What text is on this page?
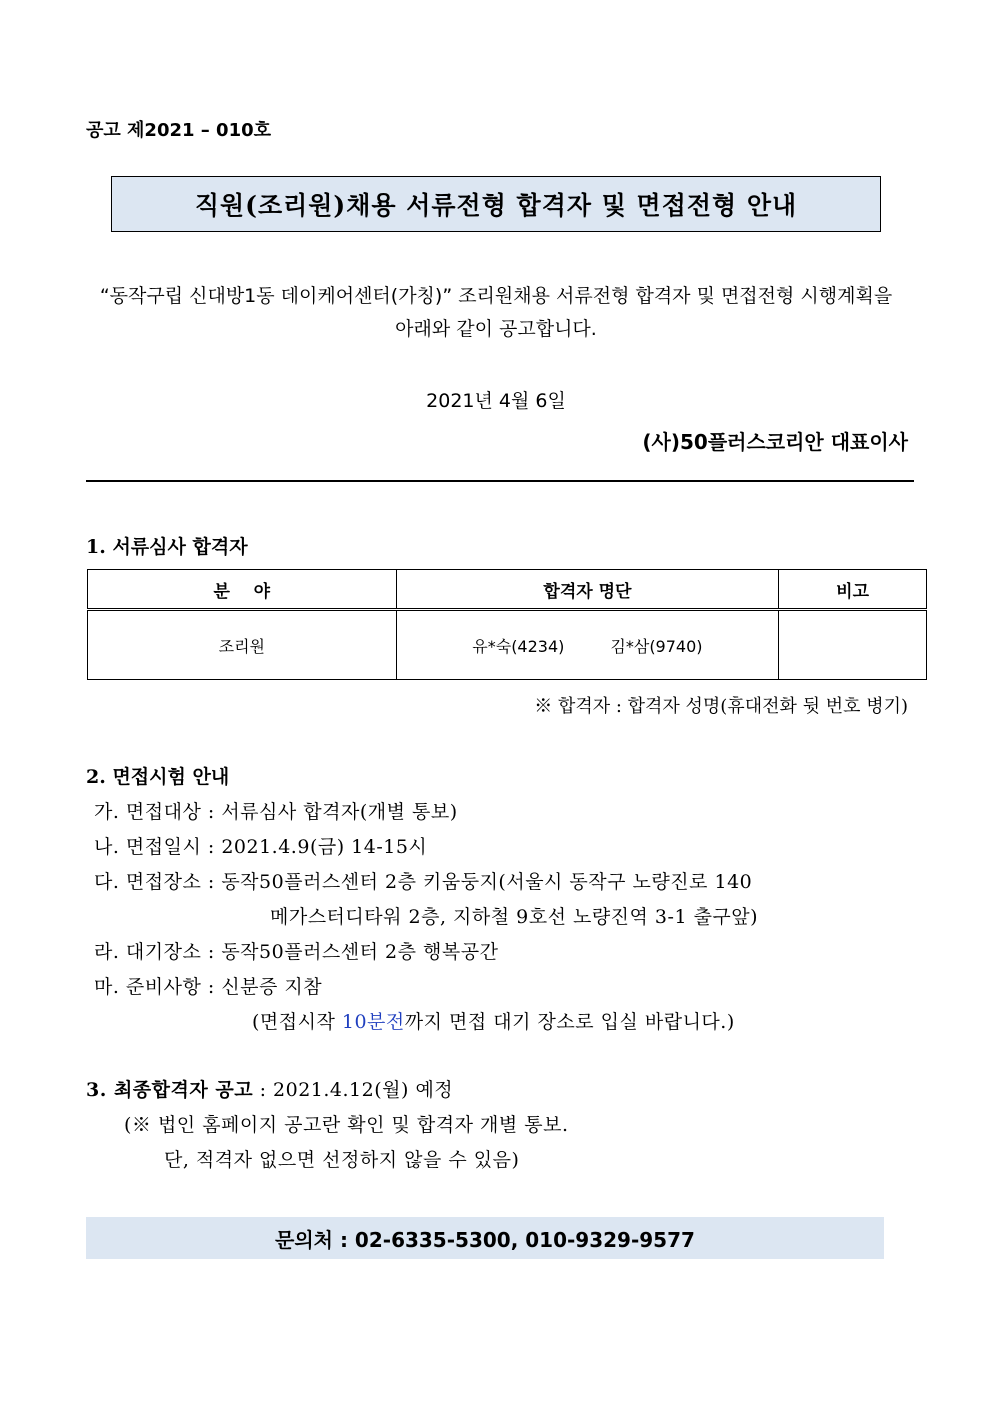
공고 제2021 – 010호
직원(조리원)채용 서류전형 합격자 및 면접전형 안내
“동작구립 신대방1동 데이케어센터(가칭)” 조리원채용 서류전형 합격자 및 면접전형 시행계획을
아래와 같이 공고합니다.
2021년 4월 6일
(사)50플러스코리안 대표이사
1. 서류심사 합격자
분    야	합격자 명단	비고
조리원	유*숙(4234) 김*삼(9740)	
※ 합격자 : 합격자 성명(휴대전화 뒷 번호 병기)
2. 면접시험 안내
가. 면접대상 : 서류심사 합격자(개별 통보)
나. 면접일시 : 2021.4.9(금) 14-15시
다. 면접장소 : 동작50플러스센터 2층 키움둥지(서울시 동작구 노량진로 140
메가스터디타워 2층, 지하철 9호선 노량진역 3-1 출구앞)
라. 대기장소 : 동작50플러스센터 2층 행복공간
마. 준비사항 : 신분증 지참
(면접시작 10분전까지 면접 대기 장소로 입실 바랍니다.)
3. 최종합격자 공고 : 2021.4.12(월) 예정
(※ 법인 홈페이지 공고란 확인 및 합격자 개별 통보.
단, 적격자 없으면 선정하지 않을 수 있음)
문의처 : 02-6335-5300, 010-9329-9577
